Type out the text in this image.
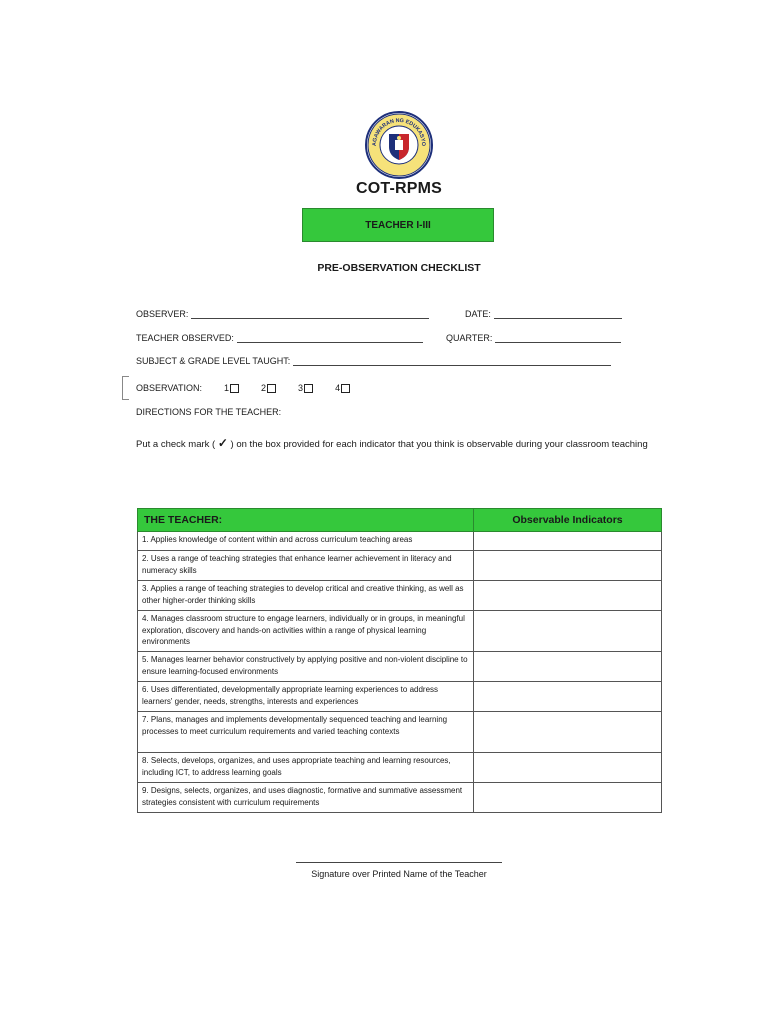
AGAWARAN NG EDUKASYO
COT-RPMS
TEACHER I-III
PRE-OBSERVATION CHECKLIST
OBSERVER:	DATE:
TEACHER OBSERVED:	QUARTER:
SUBJECT & GRADE LEVEL TAUGHT:
OBSERVATION: 1	2	3	4
DIRECTIONS FOR THE TEACHER:
Put a check mark ( ✓ ) on the box provided for each indicator that you think is observable during your classroom teaching
THE TEACHER:	Observable Indicators
1. Applies knowledge of content within and across curriculum teaching areas	
2. Uses a range of teaching strategies that enhance learner achievement in literacy and numeracy skills	
3. Applies a range of teaching strategies to develop critical and creative thinking, as well as other higher-order thinking skills	
4. Manages classroom structure to engage learners, individually or in groups, in meaningful exploration, discovery and hands-on activities within a range of physical learning environments	
5. Manages learner behavior constructively by applying positive and non-violent discipline to ensure learning-focused environments	
6. Uses differentiated, developmentally appropriate learning experiences to address learners' gender, needs, strengths, interests and experiences	
7. Plans, manages and implements developmentally sequenced teaching and learning processes to meet curriculum requirements and varied teaching contexts	
8. Selects, develops, organizes, and uses appropriate teaching and learning resources, including ICT, to address learning goals	
9. Designs, selects, organizes, and uses diagnostic, formative and summative assessment strategies consistent with curriculum requirements	
Signature over Printed Name of the Teacher
